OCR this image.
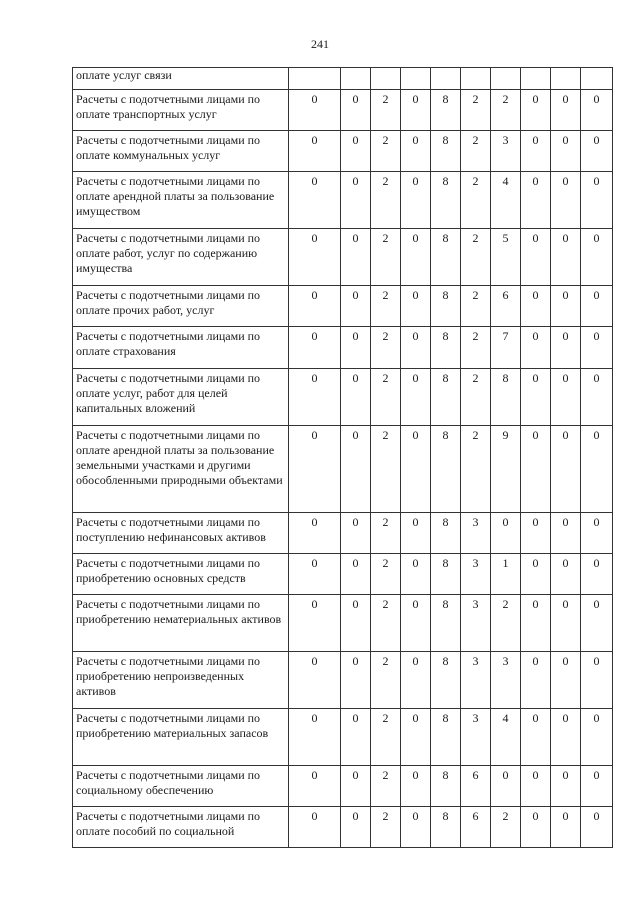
241
оплате услуг связи										
Расчеты с подотчетными лицами по оплате транспортных услуг	0	0	2	0	8	2	2	0	0	0
Расчеты с подотчетными лицами по оплате коммунальных услуг	0	0	2	0	8	2	3	0	0	0
Расчеты с подотчетными лицами по оплате арендной платы за пользование имуществом	0	0	2	0	8	2	4	0	0	0
Расчеты с подотчетными лицами по оплате работ, услуг по содержанию имущества	0	0	2	0	8	2	5	0	0	0
Расчеты с подотчетными лицами по оплате прочих работ, услуг	0	0	2	0	8	2	6	0	0	0
Расчеты с подотчетными лицами по оплате страхования	0	0	2	0	8	2	7	0	0	0
Расчеты с подотчетными лицами по оплате услуг, работ для целей капитальных вложений	0	0	2	0	8	2	8	0	0	0
Расчеты с подотчетными лицами по оплате арендной платы за пользование земельными участками и другими обособленными природными объектами	0	0	2	0	8	2	9	0	0	0
Расчеты с подотчетными лицами по поступлению нефинансовых активов	0	0	2	0	8	3	0	0	0	0
Расчеты с подотчетными лицами по приобретению основных средств	0	0	2	0	8	3	1	0	0	0
Расчеты с подотчетными лицами по приобретению нематериальных активов	0	0	2	0	8	3	2	0	0	0
Расчеты с подотчетными лицами по приобретению непроизведенных активов	0	0	2	0	8	3	3	0	0	0
Расчеты с подотчетными лицами по приобретению материальных запасов	0	0	2	0	8	3	4	0	0	0
Расчеты с подотчетными лицами по социальному обеспечению	0	0	2	0	8	6	0	0	0	0
Расчеты с подотчетными лицами по оплате пособий по социальной	0	0	2	0	8	6	2	0	0	0
